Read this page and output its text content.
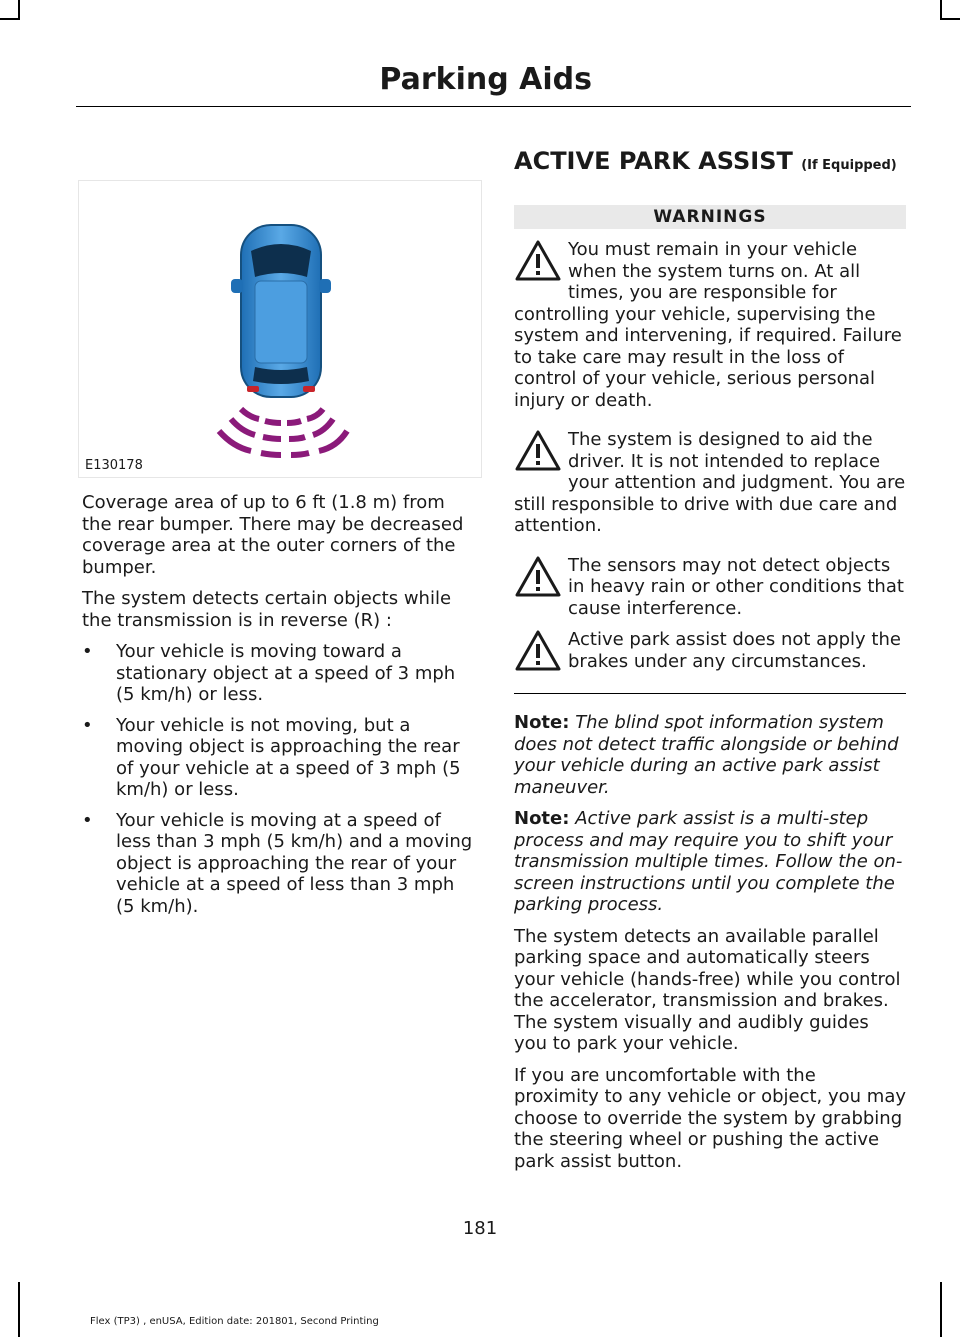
Parking Aids
E130178

Coverage area of up to 6 ft (1.8 m) from the rear bumper. There may be decreased coverage area at the outer corners of the bumper.

The system detects certain objects while the transmission is in reverse (R) :

• Your vehicle is moving toward a stationary object at a speed of 3 mph (5 km/h) or less.
• Your vehicle is not moving, but a moving object is approaching the rear of your vehicle at a speed of 3 mph (5 km/h) or less.
• Your vehicle is moving at a speed of less than 3 mph (5 km/h) and a moving object is approaching the rear of your vehicle at a speed of less than 3 mph (5 km/h).
ACTIVE PARK ASSIST (If Equipped)
WARNINGS

You must remain in your vehicle when the system turns on. At all times, you are responsible for controlling your vehicle, supervising the system and intervening, if required. Failure to take care may result in the loss of control of your vehicle, serious personal injury or death.

The system is designed to aid the driver. It is not intended to replace your attention and judgment. You are still responsible to drive with due care and attention.

The sensors may not detect objects in heavy rain or other conditions that cause interference.

Active park assist does not apply the brakes under any circumstances.

Note: The blind spot information system does not detect traffic alongside or behind your vehicle during an active park assist maneuver.

Note: Active park assist is a multi-step process and may require you to shift your transmission multiple times. Follow the on-screen instructions until you complete the parking process.

The system detects an available parallel parking space and automatically steers your vehicle (hands-free) while you control the accelerator, transmission and brakes. The system visually and audibly guides you to park your vehicle.

If you are uncomfortable with the proximity to any vehicle or object, you may choose to override the system by grabbing the steering wheel or pushing the active park assist button.

181
Flex (TP3) , enUSA, Edition date: 201801, Second Printing
